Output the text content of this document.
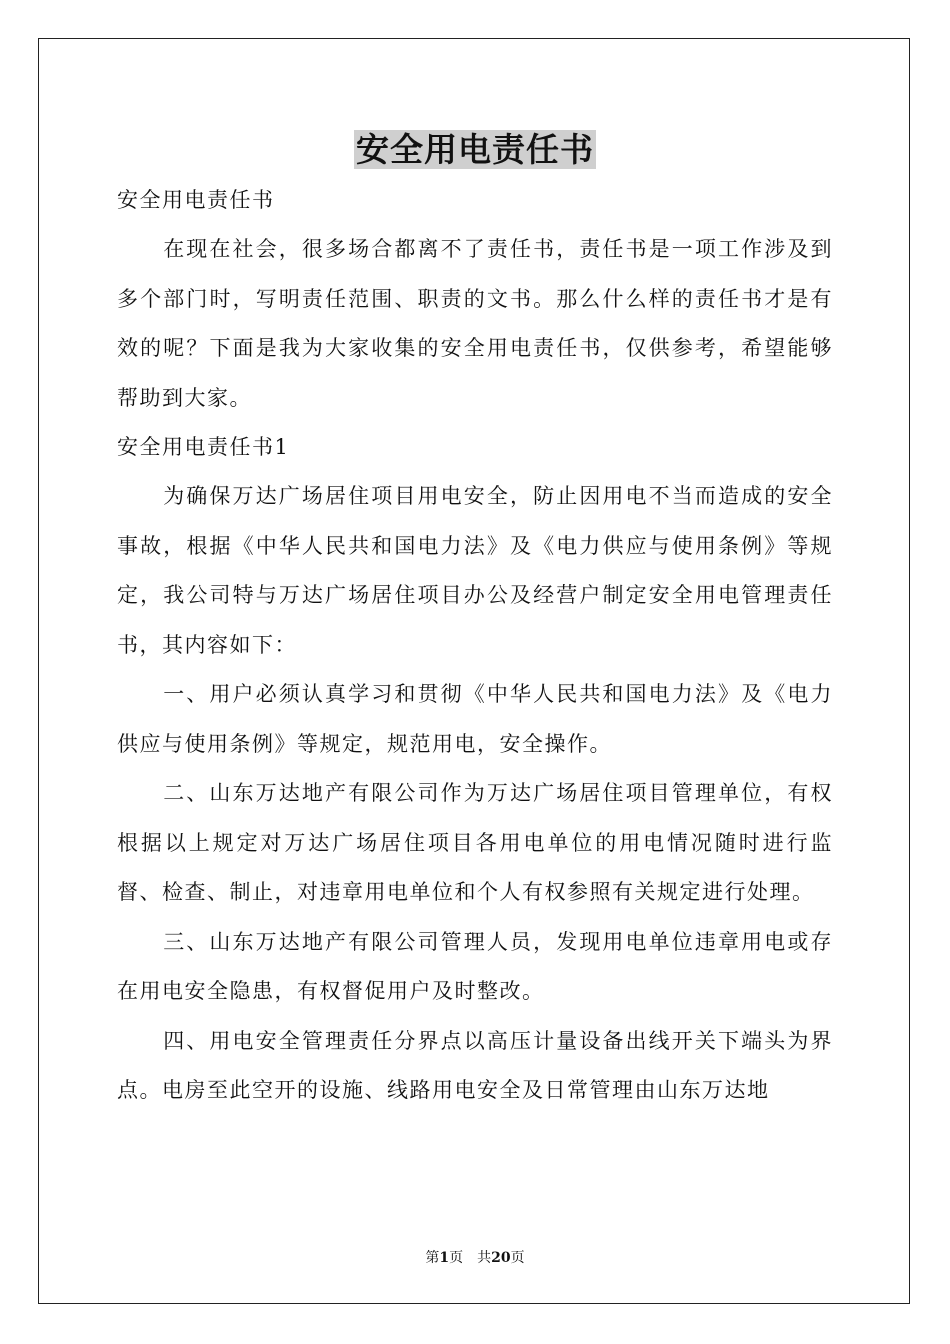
安全用电责任书

安全用电责任书

在现在社会，很多场合都离不了责任书，责任书是一项工作涉及到多个部门时，写明责任范围、职责的文书。那么什么样的责任书才是有效的呢？下面是我为大家收集的安全用电责任书，仅供参考，希望能够帮助到大家。

安全用电责任书1

为确保万达广场居住项目用电安全，防止因用电不当而造成的安全事故，根据《中华人民共和国电力法》及《电力供应与使用条例》等规定，我公司特与万达广场居住项目办公及经营户制定安全用电管理责任书，其内容如下：

一、用户必须认真学习和贯彻《中华人民共和国电力法》及《电力供应与使用条例》等规定，规范用电，安全操作。

二、山东万达地产有限公司作为万达广场居住项目管理单位，有权根据以上规定对万达广场居住项目各用电单位的用电情况随时进行监督、检查、制止，对违章用电单位和个人有权参照有关规定进行处理。

三、山东万达地产有限公司管理人员，发现用电单位违章用电或存在用电安全隐患，有权督促用户及时整改。

四、用电安全管理责任分界点以高压计量设备出线开关下端头为界点。电房至此空开的设施、线路用电安全及日常管理由山东万达地

第1页 共20页
